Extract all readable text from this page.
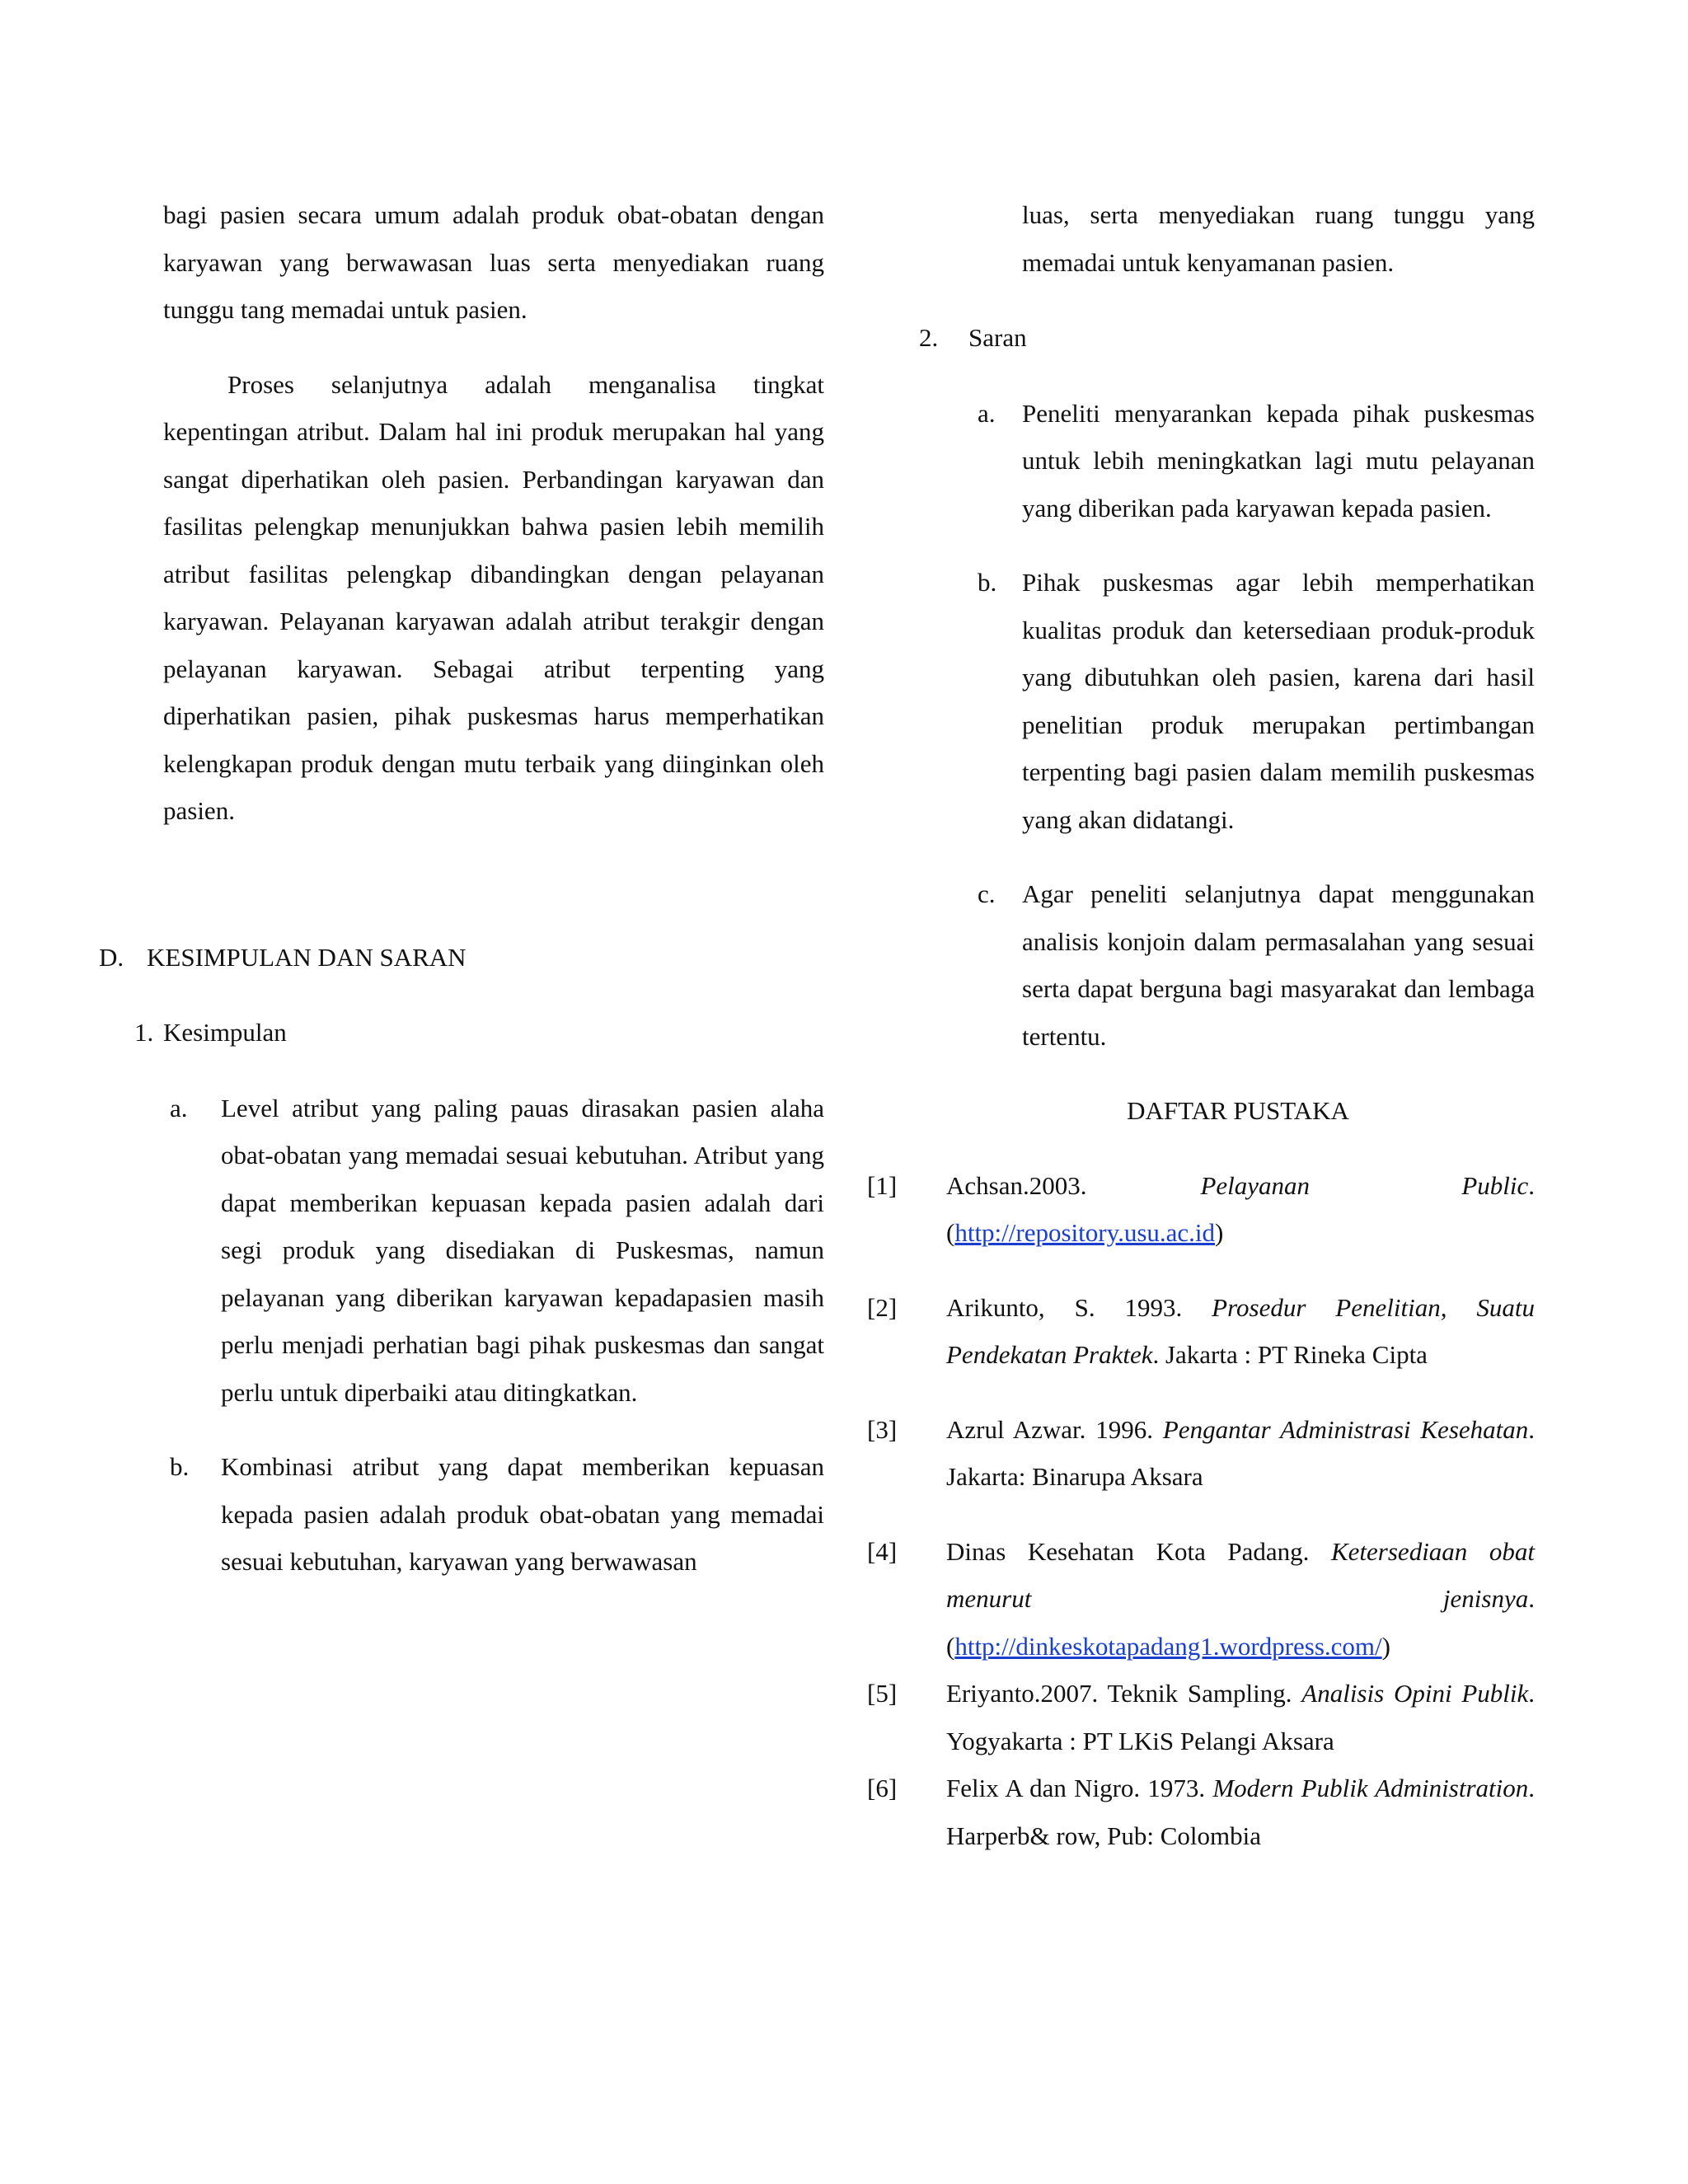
bagi pasien secara umum adalah produk obat-obatan dengan karyawan yang berwawasan luas serta menyediakan ruang tunggu tang memadai untuk pasien.

Proses selanjutnya adalah menganalisa tingkat kepentingan atribut. Dalam hal ini produk merupakan hal yang sangat diperhatikan oleh pasien. Perbandingan karyawan dan fasilitas pelengkap menunjukkan bahwa pasien lebih memilih atribut fasilitas pelengkap dibandingkan dengan pelayanan karyawan. Pelayanan karyawan adalah atribut terakgir dengan pelayanan karyawan. Sebagai atribut terpenting yang diperhatikan pasien, pihak puskesmas harus memperhatikan kelengkapan produk dengan mutu terbaik yang diinginkan oleh pasien.

D. KESIMPULAN DAN SARAN
1. Kesimpulan
a. Level atribut yang paling pauas dirasakan pasien alaha obat-obatan yang memadai sesuai kebutuhan. Atribut yang dapat memberikan kepuasan kepada pasien adalah dari segi produk yang disediakan di Puskesmas, namun pelayanan yang diberikan karyawan kepadapasien masih perlu menjadi perhatian bagi pihak puskesmas dan sangat perlu untuk diperbaiki atau ditingkatkan.
b. Kombinasi atribut yang dapat memberikan kepuasan kepada pasien adalah produk obat-obatan yang memadai sesuai kebutuhan, karyawan yang berwawasan

luas, serta menyediakan ruang tunggu yang memadai untuk kenyamanan pasien.

2. Saran
a. Peneliti menyarankan kepada pihak puskesmas untuk lebih meningkatkan lagi mutu pelayanan yang diberikan pada karyawan kepada pasien.
b. Pihak puskesmas agar lebih memperhatikan kualitas produk dan ketersediaan produk-produk yang dibutuhkan oleh pasien, karena dari hasil penelitian produk merupakan pertimbangan terpenting bagi pasien dalam memilih puskesmas yang akan didatangi.
c. Agar peneliti selanjutnya dapat menggunakan analisis konjoin dalam permasalahan yang sesuai serta dapat berguna bagi masyarakat dan lembaga tertentu.

DAFTAR PUSTAKA

[1] Achsan.2003.	Pelayanan Public. (http://repository.usu.ac.id)
[2] Arikunto, S. 1993. Prosedur Penelitian, Suatu Pendekatan Praktek. Jakarta : PT Rineka Cipta
[3] Azrul Azwar. 1996. Pengantar Administrasi Kesehatan. Jakarta: Binarupa Aksara
[4] Dinas Kesehatan Kota Padang. Ketersediaan obat menurut jenisnya. (http://dinkeskotapadang1.wordpress.com/)
[5] Eriyanto.2007. Teknik Sampling. Analisis Opini Publik. Yogyakarta : PT LKiS Pelangi Aksara
[6] Felix A dan Nigro. 1973. Modern Publik Administration. Harperb& row, Pub: Colombia
